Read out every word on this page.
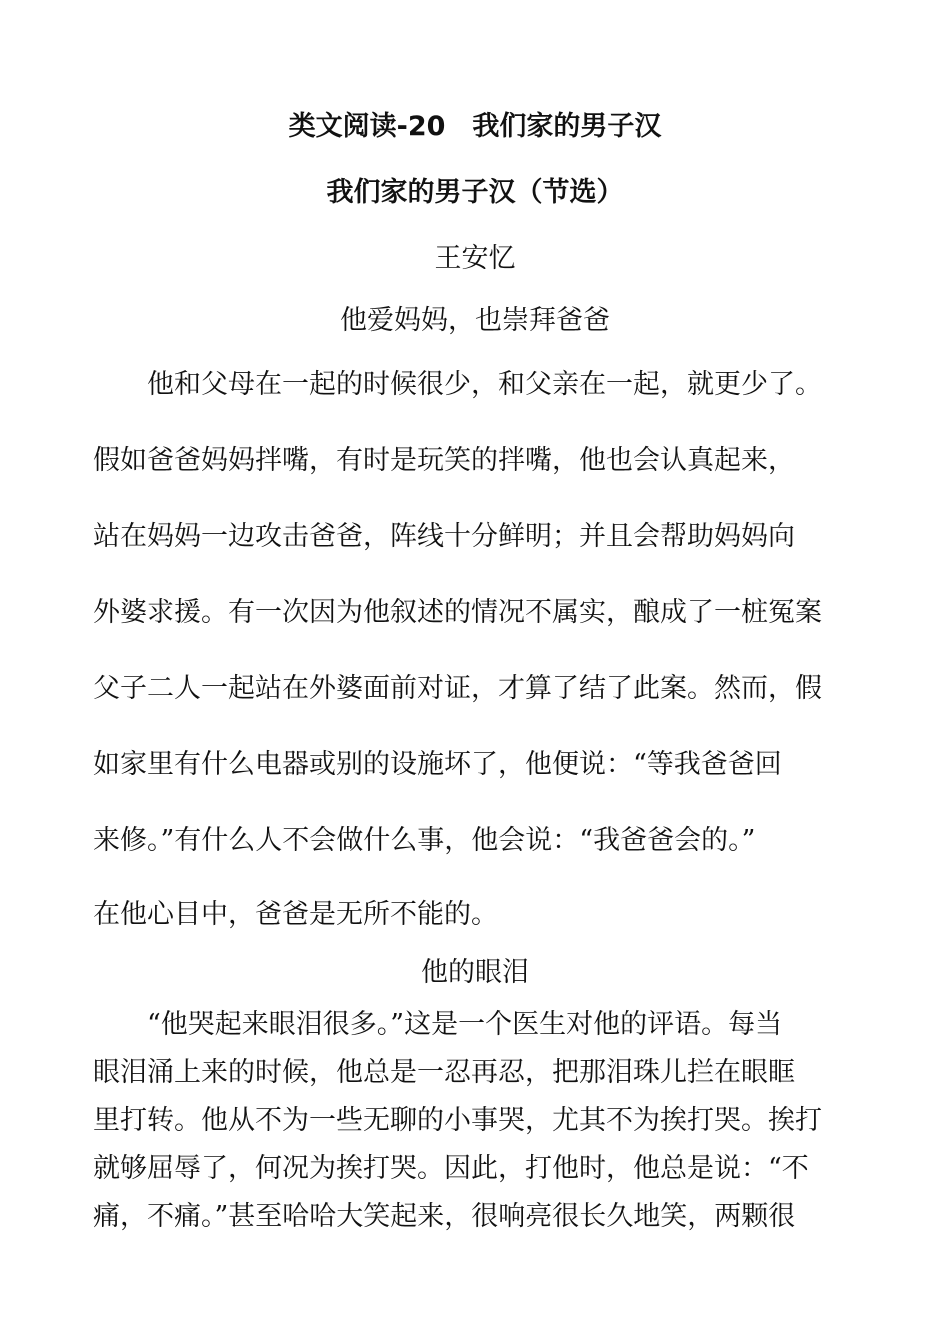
类文阅读-20　我们家的男子汉
我们家的男子汉（节选）
王安忆
他爱妈妈，也崇拜爸爸
　　他和父母在一起的时候很少，和父亲在一起，就更少了。
假如爸爸妈妈拌嘴，有时是玩笑的拌嘴，他也会认真起来，
站在妈妈一边攻击爸爸，阵线十分鲜明；并且会帮助妈妈向
外婆求援。有一次因为他叙述的情况不属实，酿成了一桩冤案
父子二人一起站在外婆面前对证，才算了结了此案。然而，假
如家里有什么电器或别的设施坏了，他便说：“等我爸爸回
来修。”有什么人不会做什么事，他会说：“我爸爸会的。”
在他心目中，爸爸是无所不能的。
他的眼泪
　　“他哭起来眼泪很多。”这是一个医生对他的评语。每当
眼泪涌上来的时候，他总是一忍再忍，把那泪珠儿拦在眼眶
里打转。他从不为一些无聊的小事哭，尤其不为挨打哭。挨打
就够屈辱了，何况为挨打哭。因此，打他时，他总是说：“不
痛，不痛。”甚至哈哈大笑起来，很响亮很长久地笑，两颗很
